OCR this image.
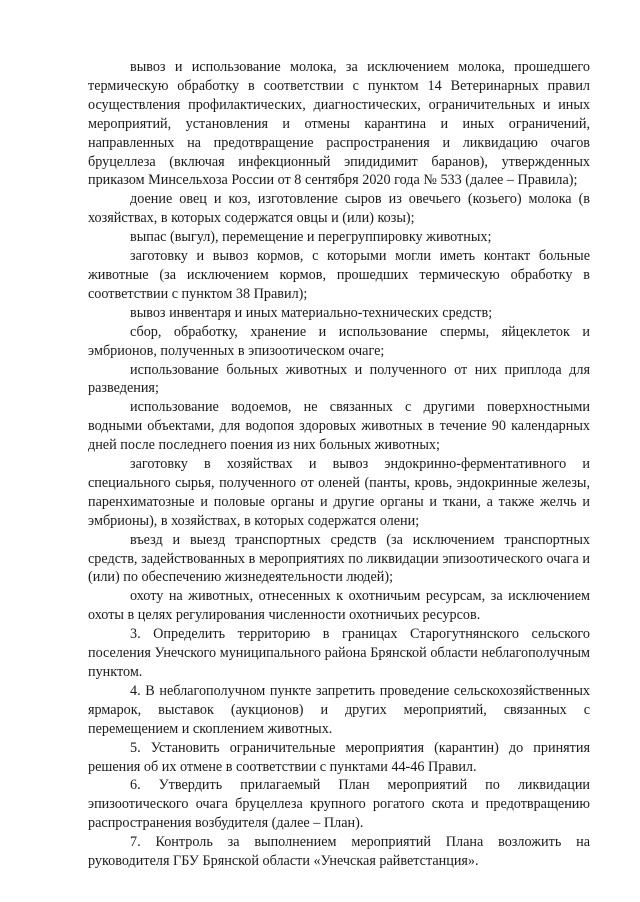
вывоз и использование молока, за исключением молока, прошедшего термическую обработку в соответствии с пунктом 14 Ветеринарных правил осуществления профилактических, диагностических, ограничительных и иных мероприятий, установления и отмены карантина и иных ограничений, направленных на предотвращение распространения и ликвидацию очагов бруцеллеза (включая инфекционный эпидидимит баранов), утвержденных приказом Минсельхоза России от 8 сентября 2020 года № 533 (далее – Правила);

доение овец и коз, изготовление сыров из овечьего (козьего) молока (в хозяйствах, в которых содержатся овцы и (или) козы);

выпас (выгул), перемещение и перегруппировку животных;

заготовку и вывоз кормов, с которыми могли иметь контакт больные животные (за исключением кормов, прошедших термическую обработку в соответствии с пунктом 38 Правил);

вывоз инвентаря и иных материально-технических средств;

сбор, обработку, хранение и использование спермы, яйцеклеток и эмбрионов, полученных в эпизоотическом очаге;

использование больных животных и полученного от них приплода для разведения;

использование водоемов, не связанных с другими поверхностными водными объектами, для водопоя здоровых животных в течение 90 календарных дней после последнего поения из них больных животных;

заготовку в хозяйствах и вывоз эндокринно-ферментативного и специального сырья, полученного от оленей (панты, кровь, эндокринные железы, паренхиматозные и половые органы и другие органы и ткани, а также желчь и эмбрионы), в хозяйствах, в которых содержатся олени;

въезд и выезд транспортных средств (за исключением транспортных средств, задействованных в мероприятиях по ликвидации эпизоотического очага и (или) по обеспечению жизнедеятельности людей);

охоту на животных, отнесенных к охотничьим ресурсам, за исключением охоты в целях регулирования численности охотничьих ресурсов.

3. Определить территорию в границах Старогутнянского сельского поселения Унечского муниципального района Брянской области неблагополучным пунктом.

4. В неблагополучном пункте запретить проведение сельскохозяйственных ярмарок, выставок (аукционов) и других мероприятий, связанных с перемещением и скоплением животных.

5. Установить ограничительные мероприятия (карантин) до принятия решения об их отмене в соответствии с пунктами 44-46 Правил.

6. Утвердить прилагаемый План мероприятий по ликвидации эпизоотического очага бруцеллеза крупного рогатого скота и предотвращению распространения возбудителя (далее – План).

7. Контроль за выполнением мероприятий Плана возложить на руководителя ГБУ Брянской области «Унечская райветстанция».
